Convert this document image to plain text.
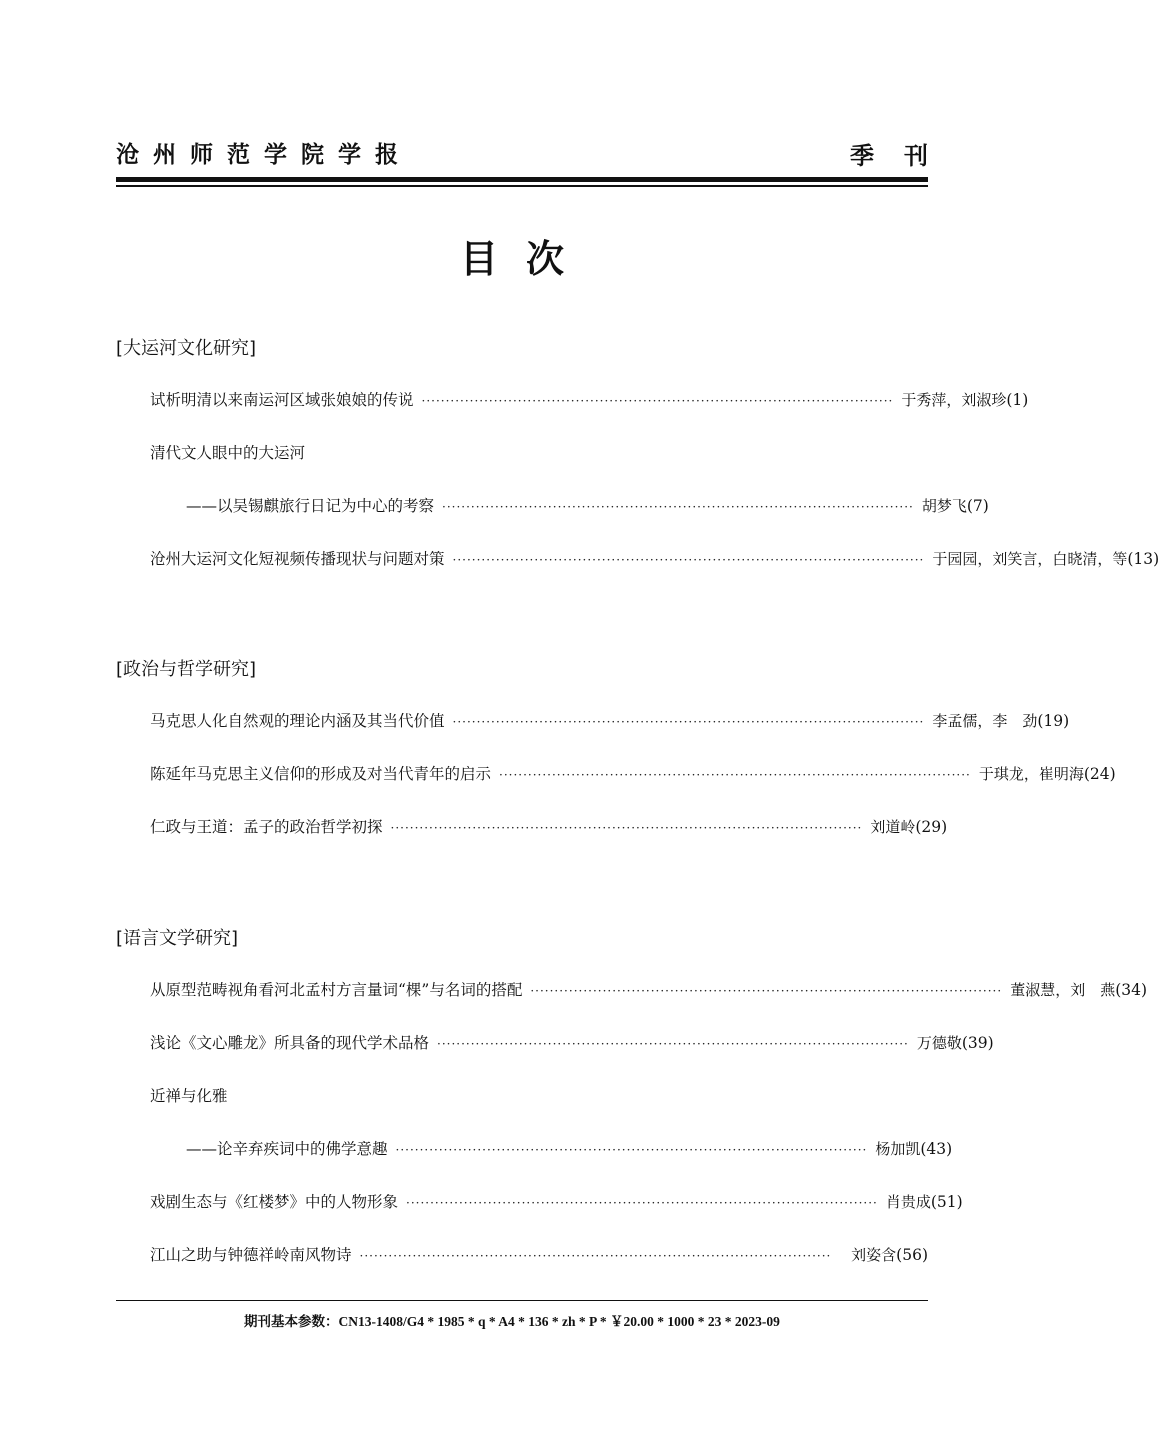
沧州师范学院学报	季刊
目次
[大运河文化研究]
试析明清以来南运河区域张娘娘的传说 ·································································································· 于秀萍，刘淑珍 (1)
清代文人眼中的大运河
——以吴锡麒旅行日记为中心的考察 ·································································································· 胡梦飞 (7)
沧州大运河文化短视频传播现状与问题对策 ·································································································· 于园园，刘笑言，白晓清，等 (13)
[政治与哲学研究]
马克思人化自然观的理论内涵及其当代价值 ·································································································· 李孟儒，李　劲 (19)
陈延年马克思主义信仰的形成及对当代青年的启示 ·································································································· 于琪龙，崔明海 (24)
仁政与王道：孟子的政治哲学初探 ·································································································· 刘道岭 (29)
[语言文学研究]
从原型范畴视角看河北孟村方言量词“棵”与名词的搭配 ·································································································· 董淑慧，刘　燕 (34)
浅论《文心雕龙》所具备的现代学术品格 ·································································································· 万德敬 (39)
近禅与化雅
——论辛弃疾词中的佛学意趣 ·································································································· 杨加凯 (43)
戏剧生态与《红楼梦》中的人物形象 ·································································································· 肖贵成 (51)
江山之助与钟德祥岭南风物诗 ··································································································	刘姿含 (56)
期刊基本参数：CN13-1408/G4 * 1985 * q * A4 * 136 * zh * P * ￥20.00 * 1000 * 23 * 2023-09
